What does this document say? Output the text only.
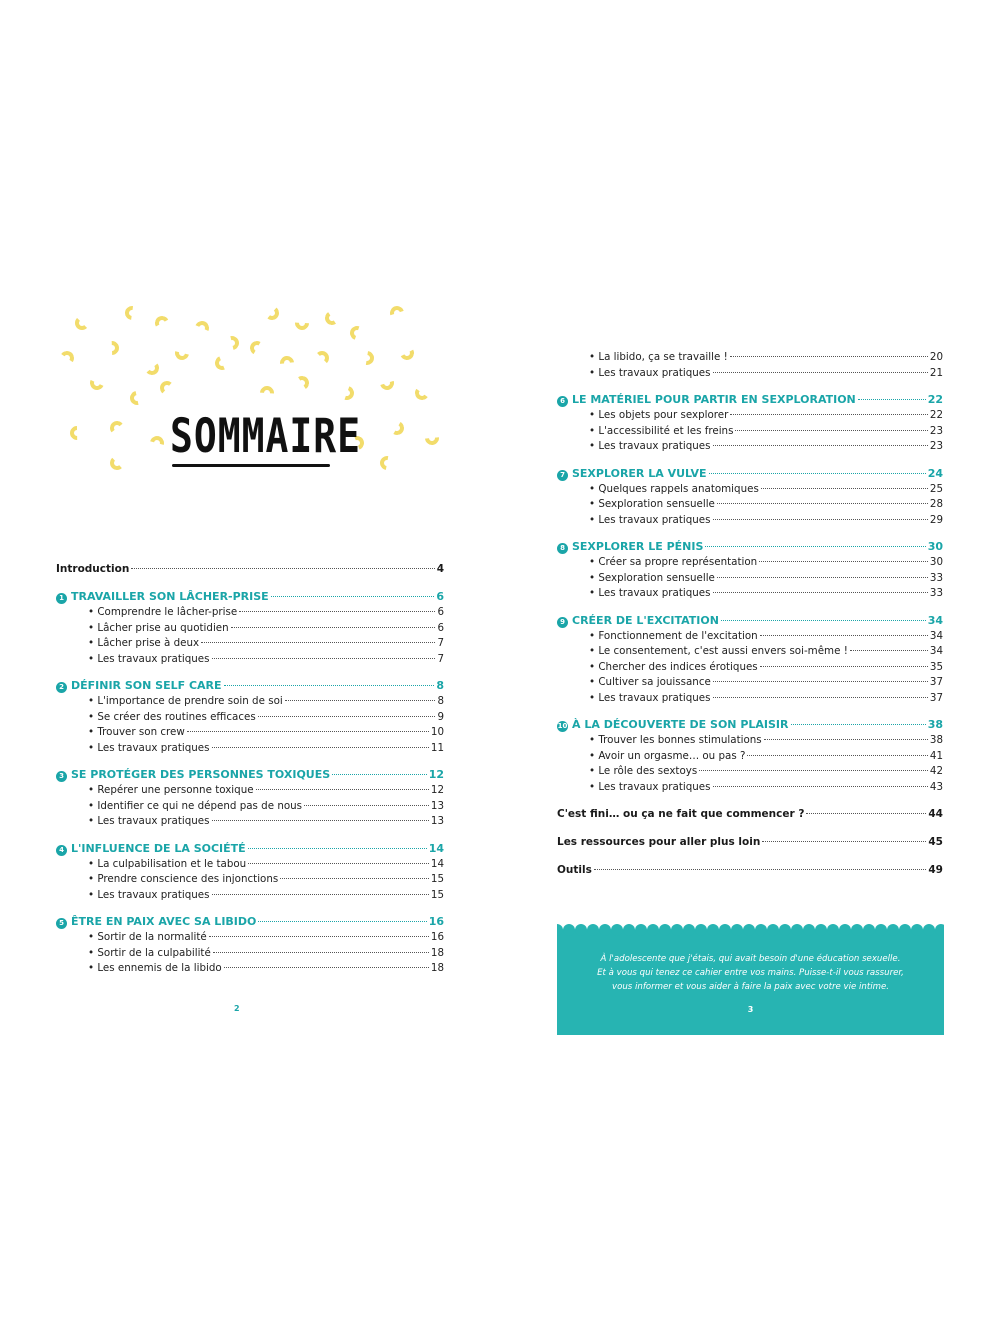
SOMMAIRE
Introduction	4
1 TRAVAILLER SON LÂCHER-PRISE	6
• Comprendre le lâcher-prise	6
• Lâcher prise au quotidien	6
• Lâcher prise à deux	7
• Les travaux pratiques	7
2 DÉFINIR SON SELF CARE	8
• L'importance de prendre soin de soi	8
• Se créer des routines efficaces	9
• Trouver son crew	10
• Les travaux pratiques	11
3 SE PROTÉGER DES PERSONNES TOXIQUES	12
• Repérer une personne toxique	12
• Identifier ce qui ne dépend pas de nous	13
• Les travaux pratiques	13
4 L'INFLUENCE DE LA SOCIÉTÉ	14
• La culpabilisation et le tabou	14
• Prendre conscience des injonctions	15
• Les travaux pratiques	15
5 ÊTRE EN PAIX AVEC SA LIBIDO	16
• Sortir de la normalité	16
• Sortir de la culpabilité	18
• Les ennemis de la libido	18
• La libido, ça se travaille !	20
• Les travaux pratiques	21
6 LE MATÉRIEL POUR PARTIR EN SEXPLORATION	22
• Les objets pour sexplorer	22
• L'accessibilité et les freins	23
• Les travaux pratiques	23
7 SEXPLORER LA VULVE	24
• Quelques rappels anatomiques	25
• Sexploration sensuelle	28
• Les travaux pratiques	29
8 SEXPLORER LE PÉNIS	30
• Créer sa propre représentation	30
• Sexploration sensuelle	33
• Les travaux pratiques	33
9 CRÉER DE L'EXCITATION	34
• Fonctionnement de l'excitation	34
• Le consentement, c'est aussi envers soi-même !	34
• Chercher des indices érotiques	35
• Cultiver sa jouissance	37
• Les travaux pratiques	37
10 À LA DÉCOUVERTE DE SON PLAISIR	38
• Trouver les bonnes stimulations	38
• Avoir un orgasme… ou pas ?	41
• Le rôle des sextoys	42
• Les travaux pratiques	43
C'est fini… ou ça ne fait que commencer ?	44
Les ressources pour aller plus loin	45
Outils	49
2
À l'adolescente que j'étais, qui avait besoin d'une éducation sexuelle.
Et à vous qui tenez ce cahier entre vos mains. Puisse-t-il vous rassurer,
vous informer et vous aider à faire la paix avec votre vie intime.
3
